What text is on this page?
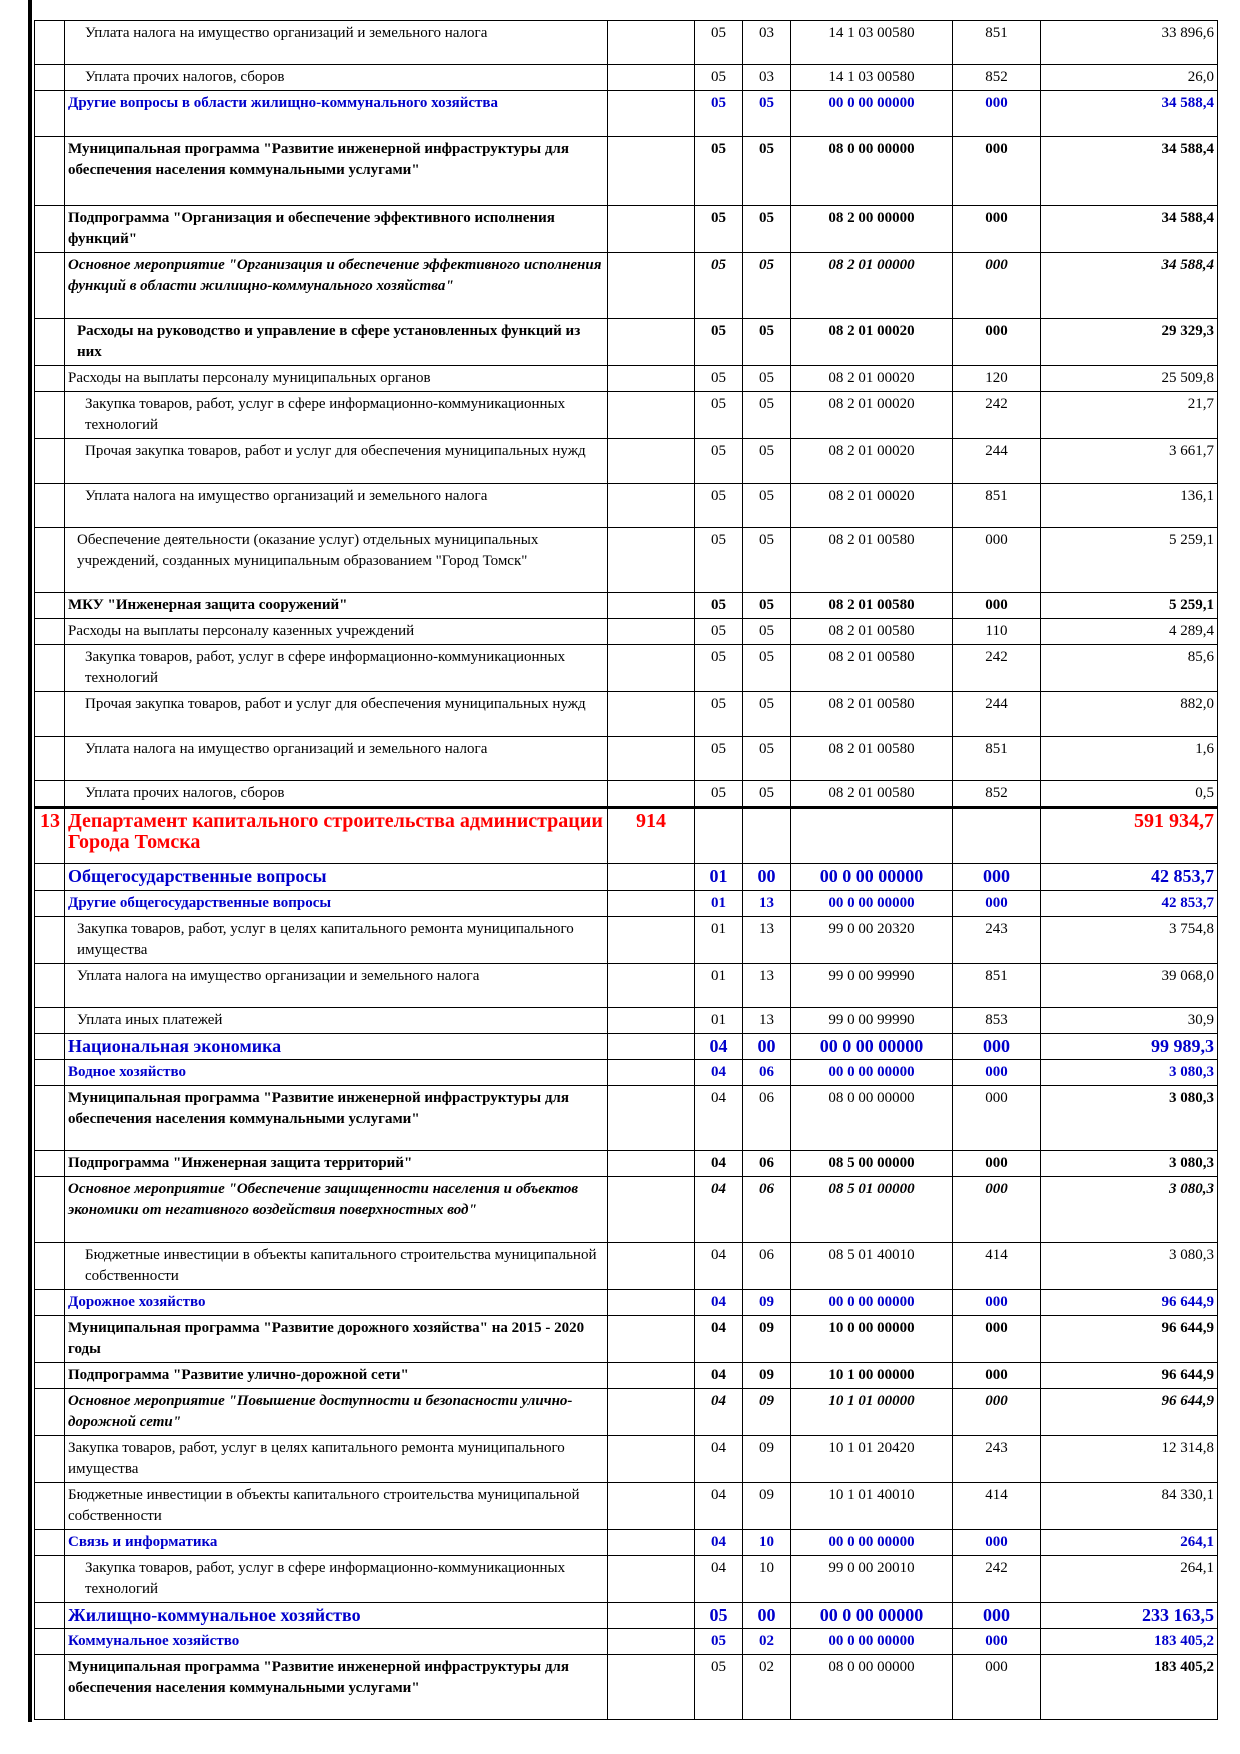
	Уплата налога на имущество организаций и земельного налога		05	03	14 1 03 00580	851	33 896,6
	Уплата прочих налогов, сборов		05	03	14 1 03 00580	852	26,0
	Другие вопросы в области жилищно-коммунального хозяйства		05	05	00 0 00 00000	000	34 588,4
	Муниципальная программа "Развитие инженерной инфраструктуры для обеспечения населения коммунальными услугами"		05	05	08 0 00 00000	000	34 588,4
	Подпрограмма "Организация и обеспечение эффективного исполнения функций"		05	05	08 2 00 00000	000	34 588,4
	Основное мероприятие "Организация и обеспечение эффективного исполнения функций в области жилищно-коммунального хозяйства"		05	05	08 2 01 00000	000	34 588,4
	Расходы на руководство и управление в сфере установленных функций из них		05	05	08 2 01 00020	000	29 329,3
	Расходы на выплаты персоналу муниципальных органов		05	05	08 2 01 00020	120	25 509,8
	Закупка товаров, работ, услуг в сфере информационно-коммуникационных технологий		05	05	08 2 01 00020	242	21,7
	Прочая закупка товаров, работ и услуг для обеспечения муниципальных нужд		05	05	08 2 01 00020	244	3 661,7
	Уплата налога на имущество организаций и земельного налога		05	05	08 2 01 00020	851	136,1
	Обеспечение деятельности (оказание услуг) отдельных муниципальных учреждений, созданных муниципальным образованием "Город Томск"		05	05	08 2 01 00580	000	5 259,1
	МКУ "Инженерная защита сооружений"		05	05	08 2 01 00580	000	5 259,1
	Расходы на выплаты персоналу казенных учреждений		05	05	08 2 01 00580	110	4 289,4
	Закупка товаров, работ, услуг в сфере информационно-коммуникационных технологий		05	05	08 2 01 00580	242	85,6
	Прочая закупка товаров, работ и услуг для обеспечения муниципальных нужд		05	05	08 2 01 00580	244	882,0
	Уплата налога на имущество организаций и земельного налога		05	05	08 2 01 00580	851	1,6
	Уплата прочих налогов, сборов		05	05	08 2 01 00580	852	0,5
13	Департамент капитального строительства администрации Города Томска	914					591 934,7
	Общегосударственные вопросы		01	00	00 0 00 00000	000	42 853,7
	Другие общегосударственные вопросы		01	13	00 0 00 00000	000	42 853,7
	Закупка товаров, работ, услуг в целях капитального ремонта муниципального имущества		01	13	99 0 00 20320	243	3 754,8
	Уплата налога на имущество организации и земельного налога		01	13	99 0 00 99990	851	39 068,0
	Уплата иных платежей		01	13	99 0 00 99990	853	30,9
	Национальная экономика		04	00	00 0 00 00000	000	99 989,3
	Водное хозяйство		04	06	00 0 00 00000	000	3 080,3
	Муниципальная программа "Развитие инженерной инфраструктуры для обеспечения населения коммунальными услугами"		04	06	08 0 00 00000	000	3 080,3
	Подпрограмма "Инженерная защита территорий"		04	06	08 5 00 00000	000	3 080,3
	Основное мероприятие "Обеспечение защищенности населения и объектов экономики от негативного воздействия поверхностных вод"		04	06	08 5 01 00000	000	3 080,3
	Бюджетные инвестиции в объекты капитального строительства муниципальной собственности		04	06	08 5 01 40010	414	3 080,3
	Дорожное хозяйство		04	09	00 0 00 00000	000	96 644,9
	Муниципальная программа "Развитие дорожного хозяйства" на 2015 - 2020 годы		04	09	10 0 00 00000	000	96 644,9
	Подпрограмма "Развитие улично-дорожной сети"		04	09	10 1 00 00000	000	96 644,9
	Основное мероприятие "Повышение доступности и безопасности улично-дорожной сети"		04	09	10 1 01 00000	000	96 644,9
	Закупка товаров, работ, услуг в целях капитального ремонта муниципального имущества		04	09	10 1 01 20420	243	12 314,8
	Бюджетные инвестиции в объекты капитального строительства муниципальной собственности		04	09	10 1 01 40010	414	84 330,1
	Связь и информатика		04	10	00 0 00 00000	000	264,1
	Закупка товаров, работ, услуг в сфере информационно-коммуникационных технологий		04	10	99 0 00 20010	242	264,1
	Жилищно-коммунальное хозяйство		05	00	00 0 00 00000	000	233 163,5
	Коммунальное хозяйство		05	02	00 0 00 00000	000	183 405,2
	Муниципальная программа "Развитие инженерной инфраструктуры для обеспечения населения коммунальными услугами"		05	02	08 0 00 00000	000	183 405,2
